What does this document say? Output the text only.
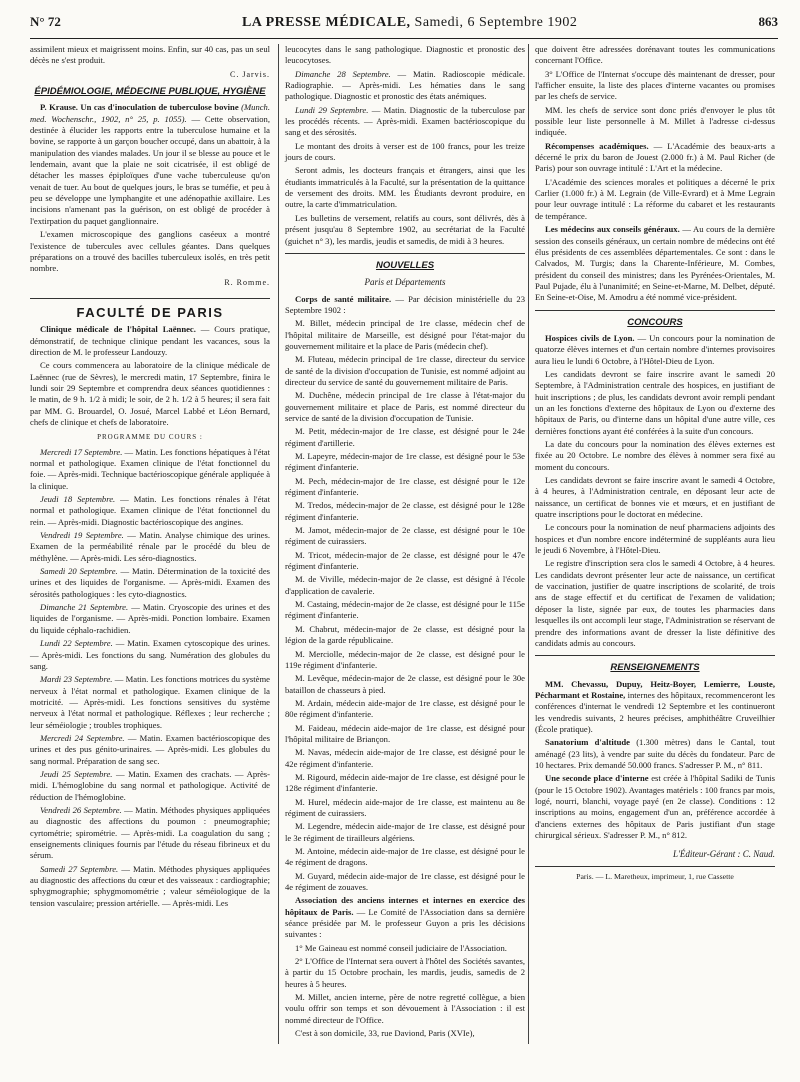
N° 72	LA PRESSE MÉDICALE, Samedi, 6 Septembre 1902	863

assimilent mieux et maigrissent moins. Enfin, sur 40 cas, pas un seul décès ne s'est produit.

C. Jarvis.
ÉPIDÉMIOLOGIE, MÉDECINE PUBLIQUE, HYGIÈNE

P. Krause. Un cas d'inoculation de tuberculose bovine (Munch. med. Wochenschr., 1902, n° 25, p. 1055). — Cette observation, destinée à élucider les rapports entre la tuberculose humaine et la bovine, se rapporte à un garçon boucher occupé, dans un abattoir, à la manipulation des viandes malades. Un jour il se blesse au pouce et le lendemain, avant que la plaie ne soit cicatrisée, il est obligé de détacher les masses épiploïques d'une vache tuberculeuse qu'on venait de tuer. Au bout de quelques jours, le bras se tuméfie, et peu à peu se développe une lymphangite et une adénopathie axillaire. Les incisions n'amenant pas la guérison, on est obligé de procéder à l'extirpation du paquet ganglionnaire.

L'examen microscopique des ganglions caséeux a montré l'existence de tubercules avec cellules géantes. Dans quelques préparations on a trouvé des bacilles tuberculeux isolés, en très petit nombre.

R. Romme.
FACULTÉ DE PARIS

Clinique médicale de l'hôpital Laënnec. — Cours pratique, démonstratif, de technique clinique pendant les vacances, sous la direction de M. le professeur Landouzy.

Ce cours commencera au laboratoire de la clinique médicale de Laënnec (rue de Sèvres), le mercredi matin, 17 Septembre, finira le lundi soir 29 Septembre et comprendra deux séances quotidiennes : le matin, de 9 h. 1/2 à midi; le soir, de 2 h. 1/2 à 5 heures; il sera fait par MM. G. Brouardel, O. Josué, Marcel Labbé et Léon Bernard, chefs de clinique et chefs de laboratoire.

PROGRAMME DU COURS :

Mercredi 17 Septembre. — Matin. Les fonctions hépatiques à l'état normal et pathologique. Examen clinique de l'état fonctionnel du foie. — Après-midi. Technique bactérioscopique générale appliquée à la clinique.

Jeudi 18 Septembre. — Matin. Les fonctions rénales à l'état normal et pathologique. Examen clinique de l'état fonctionnel du rein. — Après-midi. Diagnostic bactérioscopique des angines.

Vendredi 19 Septembre. — Matin. Analyse chimique des urines. Examen de la perméabilité rénale par le procédé du bleu de méthylène. — Après-midi. Les séro-diagnostics.

Samedi 20 Septembre. — Matin. Détermination de la toxicité des urines et des liquides de l'organisme. — Après-midi. Examen des sérosités pathologiques : les cyto-diagnostics.

Dimanche 21 Septembre. — Matin. Cryoscopie des urines et des liquides de l'organisme. — Après-midi. Ponction lombaire. Examen du liquide céphalo-rachidien.

Lundi 22 Septembre. — Matin. Examen cytoscopique des urines. — Après-midi. Les fonctions du sang. Numération des globules du sang.

Mardi 23 Septembre. — Matin. Les fonctions motrices du système nerveux à l'état normal et pathologique. Examen clinique de la motricité. — Après-midi. Les fonctions sensitives du système nerveux à l'état normal et pathologique. Réflexes ; leur recherche ; leur séméiologie ; troubles trophiques.

Mercredi 24 Septembre. — Matin. Examen bactérioscopique des urines et des pus génito-urinaires. — Après-midi. Les globules du sang normal. Préparation de sang sec.

Jeudi 25 Septembre. — Matin. Examen des crachats. — Après-midi. L'hémoglobine du sang normal et pathologique. Activité de réduction de l'hémoglobine.

Vendredi 26 Septembre. — Matin. Méthodes physiques appliquées au diagnostic des affections du poumon : pneumographie; cyrtométrie; spirométrie. — Après-midi. La coagulation du sang ; enseignements cliniques fournis par l'étude du réseau fibrineux et du sérum.

Samedi 27 Septembre. — Matin. Méthodes physiques appliquées au diagnostic des affections du cœur et des vaisseaux : cardiographie; sphygmographie; sphygmomométrie ; valeur séméiologique de la tension vasculaire; pression artérielle. — Après-midi. Les

leucocytes dans le sang pathologique. Diagnostic et pronostic des leucocytoses.

Dimanche 28 Septembre. — Matin. Radioscopie médicale. Radiographie. — Après-midi. Les hématies dans le sang pathologique. Diagnostic et pronostic des états anémiques.

Lundi 29 Septembre. — Matin. Diagnostic de la tuberculose par les procédés récents. — Après-midi. Examen bactérioscopique du sang et des sérosités.

Le montant des droits à verser est de 100 francs, pour les treize jours de cours.

Seront admis, les docteurs français et étrangers, ainsi que les étudiants immatriculés à la Faculté, sur la présentation de la quittance de versement des droits. MM. les Étudiants devront produire, en outre, la carte d'immatriculation.

Les bulletins de versement, relatifs au cours, sont délivrés, dès à présent jusqu'au 8 Septembre 1902, au secrétariat de la Faculté (guichet n° 3), les mardis, jeudis et samedis, de midi à 3 heures.

NOUVELLES
Paris et Départements

Corps de santé militaire. — Par décision ministérielle du 23 Septembre 1902 :

M. Billet, médecin principal de 1re classe, médecin chef de l'hôpital militaire de Marseille, est désigné pour l'état-major du gouvernement militaire et la place de Paris (médecin chef).

M. Fluteau, médecin principal de 1re classe, directeur du service de santé de la division d'occupation de Tunisie, est nommé adjoint au directeur du service de santé du gouvernement militaire de Paris.

M. Duchêne, médecin principal de 1re classe à l'état-major du gouvernement militaire et place de Paris, est nommé directeur du service de santé de la division d'occupation de Tunisie.

M. Petit, médecin-major de 1re classe, est désigné pour le 24e régiment d'artillerie.

M. Lapeyre, médecin-major de 1re classe, est désigné pour le 53e régiment d'infanterie.

M. Pech, médecin-major de 1re classe, est désigné pour le 12e régiment d'infanterie.

M. Tredos, médecin-major de 2e classe, est désigné pour le 128e régiment d'infanterie.

M. Jamot, médecin-major de 2e classe, est désigné pour le 10e régiment de cuirassiers.

M. Tricot, médecin-major de 2e classe, est désigné pour le 47e régiment d'infanterie.

M. de Viville, médecin-major de 2e classe, est désigné à l'école d'application de cavalerie.

M. Castaing, médecin-major de 2e classe, est désigné pour le 115e régiment d'infanterie.

M. Chabrut, médecin-major de 2e classe, est désigné pour la légion de la garde républicaine.

M. Merciolle, médecin-major de 2e classe, est désigné pour le 119e régiment d'infanterie.

M. Levêque, médecin-major de 2e classe, est désigné pour le 30e bataillon de chasseurs à pied.

M. Ardain, médecin aide-major de 1re classe, est désigné pour le 80e régiment d'infanterie.

M. Faideau, médecin aide-major de 1re classe, est désigné pour l'hôpital militaire de Briançon.

M. Navas, médecin aide-major de 1re classe, est désigné pour le 42e régiment d'infanterie.

M. Rigourd, médecin aide-major de 1re classe, est désigné pour le 128e régiment d'infanterie.

M. Hurel, médecin aide-major de 1re classe, est maintenu au 8e régiment de cuirassiers.

M. Legendre, médecin aide-major de 1re classe, est désigné pour le 3e régiment de tirailleurs algériens.

M. Antoine, médecin aide-major de 1re classe, est désigné pour le 4e régiment de dragons.

M. Guyard, médecin aide-major de 1re classe, est désigné pour le 4e régiment de zouaves.

Association des anciens internes et internes en exercice des hôpitaux de Paris. — Le Comité de l'Association dans sa dernière séance présidée par M. le professeur Guyon a pris les décisions suivantes :

1° Me Gaineau est nommé conseil judiciaire de l'Association.

2° L'Office de l'Internat sera ouvert à l'hôtel des Sociétés savantes, à partir du 15 Octobre prochain, les mardis, jeudis, samedis de 2 heures à 5 heures.

M. Millet, ancien interne, père de notre regretté collègue, a bien voulu offrir son temps et son dévouement à l'Association : il est nommé directeur de l'Office.

C'est à son domicile, 33, rue Daviond, Paris (XVIe),

que doivent être adressées dorénavant toutes les communications concernant l'Office.

3° L'Office de l'Internat s'occupe dès maintenant de dresser, pour l'afficher ensuite, la liste des places d'interne vacantes ou promises par les chefs de service.

MM. les chefs de service sont donc priés d'envoyer le plus tôt possible leur liste personnelle à M. Millet à l'adresse ci-dessus indiquée.

Récompenses académiques. — L'Académie des beaux-arts a décerné le prix du baron de Jouest (2.000 fr.) à M. Paul Richer (de Paris) pour son ouvrage intitulé : L'Art et la médecine.

L'Académie des sciences morales et politiques a décerné le prix Carlier (1.000 fr.) à M. Legrain (de Ville-Evrard) et à Mme Legrain pour leur ouvrage intitulé : La réforme du cabaret et les restaurants de tempérance.

Les médecins aux conseils généraux. — Au cours de la dernière session des conseils généraux, un certain nombre de médecins ont été élus présidents de ces assemblées départementales. Ce sont : dans le Calvados, M. Turgis; dans la Charente-Inférieure, M. Combes, président du conseil des ministres; dans les Pyrénées-Orientales, M. Paul Pujade, élu à l'unanimité; en Seine-et-Marne, M. Delbet, député. En Seine-et-Oise, M. Amodru a été nommé vice-président.

CONCOURS

Hospices civils de Lyon. — Un concours pour la nomination de quatorze élèves internes et d'un certain nombre d'internes provisoires aura lieu le lundi 6 Octobre, à l'Hôtel-Dieu de Lyon.

Les candidats devront se faire inscrire avant le samedi 20 Septembre, à l'Administration centrale des hospices, en justifiant de huit inscriptions ; de plus, les candidats devront avoir rempli pendant un an les fonctions d'externe des hôpitaux de Lyon ou d'externe des hôpitaux de Paris, ou d'interne dans un hôpital d'une autre ville, ces dernières fonctions ayant été conférées à la suite d'un concours.

La date du concours pour la nomination des élèves externes est fixée au 20 Octobre. Le nombre des élèves à nommer sera fixé au moment du concours.

Les candidats devront se faire inscrire avant le samedi 4 Octobre, à 4 heures, à l'Administration centrale, en déposant leur acte de naissance, un certificat de bonnes vie et mœurs, et en justifiant de quatre inscriptions pour le doctorat en médecine.

Le concours pour la nomination de neuf pharmaciens adjoints des hospices et d'un nombre encore indéterminé de suppléants aura lieu le jeudi 6 Novembre, à l'Hôtel-Dieu.

Le registre d'inscription sera clos le samedi 4 Octobre, à 4 heures. Les candidats devront présenter leur acte de naissance, un certificat de vaccination, justifier de quatre inscriptions de scolarité, de trois ans de stage effectif et du certificat de l'examen de validation; déposer la liste, signée par eux, de toutes les pharmacies dans lesquelles ils ont accompli leur stage, l'Administration se réservant de prendre des informations avant de dresser la liste définitive des candidats admis au concours.

RENSEIGNEMENTS

MM. Chevassu, Dupuy, Heitz-Boyer, Lemierre, Louste, Pécharmant et Rostaine, internes des hôpitaux, recommenceront les conférences d'internat le vendredi 12 Septembre et les continueront les vendredis suivants, 2 heures précises, amphithéâtre Cruveilhier (École pratique).

Sanatorium d'altitude (1.300 mètres) dans le Cantal, tout aménagé (23 lits), à vendre par suite du décès du fondateur. Parc de 10 hectares. Prix demandé 50.000 francs. S'adresser P. M., n° 811.

Une seconde place d'interne est créée à l'hôpital Sadiki de Tunis (pour le 15 Octobre 1902). Avantages matériels : 100 francs par mois, logé, nourri, blanchi, voyage payé (en 2e classe). Conditions : 12 inscriptions au moins, engagement d'un an, préférence accordée à d'anciens externes des hôpitaux de Paris justifiant d'un stage chirurgical sérieux. S'adresser P. M., n° 812.

L'Éditeur-Gérant : C. Naud.
Paris. — L. Maretheux, imprimeur, 1, rue Cassette
